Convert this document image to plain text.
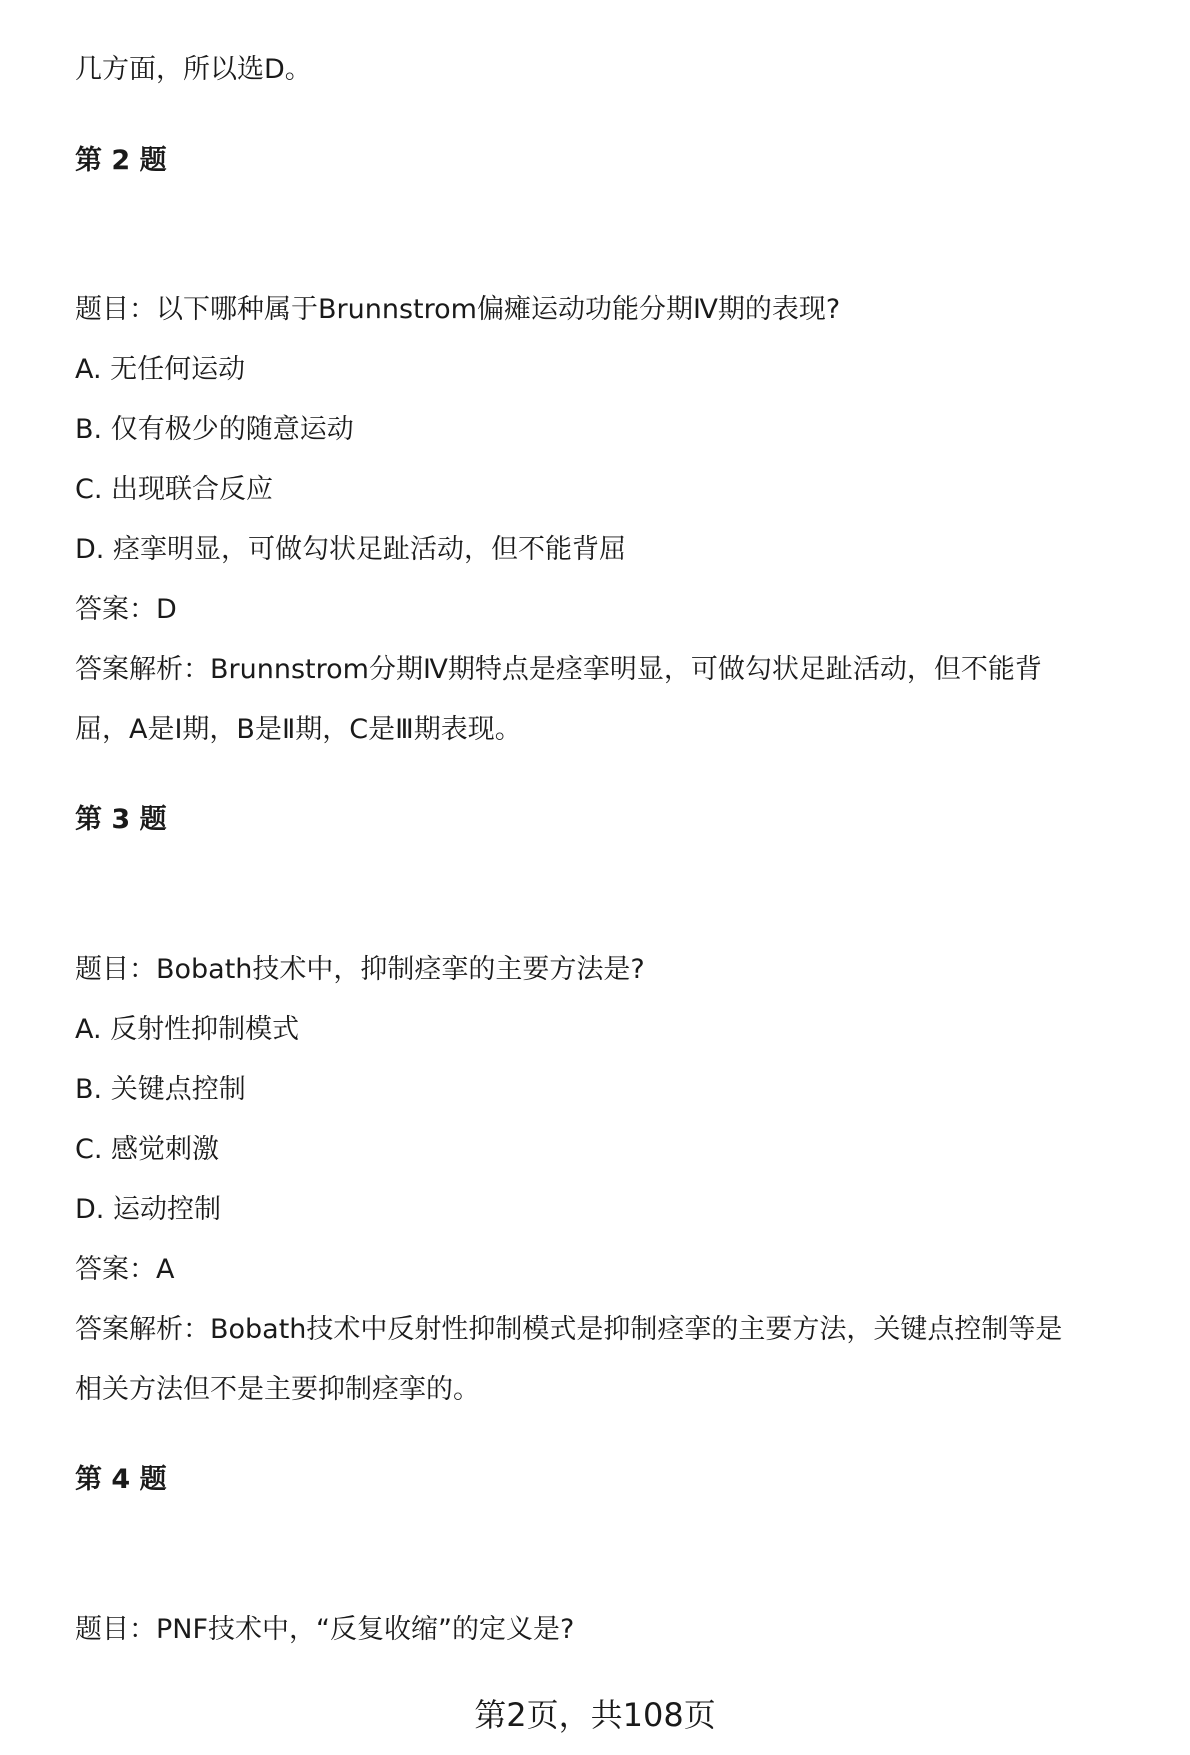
几方面，所以选D。
第 2 题
题目：以下哪种属于Brunnstrom偏瘫运动功能分期Ⅳ期的表现?
A. 无任何运动
B. 仅有极少的随意运动
C. 出现联合反应
D. 痉挛明显，可做勾状足趾活动，但不能背屈
答案：D
答案解析：Brunnstrom分期Ⅳ期特点是痉挛明显，可做勾状足趾活动，但不能背
屈，A是Ⅰ期，B是Ⅱ期，C是Ⅲ期表现。
第 3 题
题目：Bobath技术中，抑制痉挛的主要方法是?
A. 反射性抑制模式
B. 关键点控制
C. 感觉刺激
D. 运动控制
答案：A
答案解析：Bobath技术中反射性抑制模式是抑制痉挛的主要方法，关键点控制等是
相关方法但不是主要抑制痉挛的。
第 4 题
题目：PNF技术中，“反复收缩”的定义是?
第2页，共108页
